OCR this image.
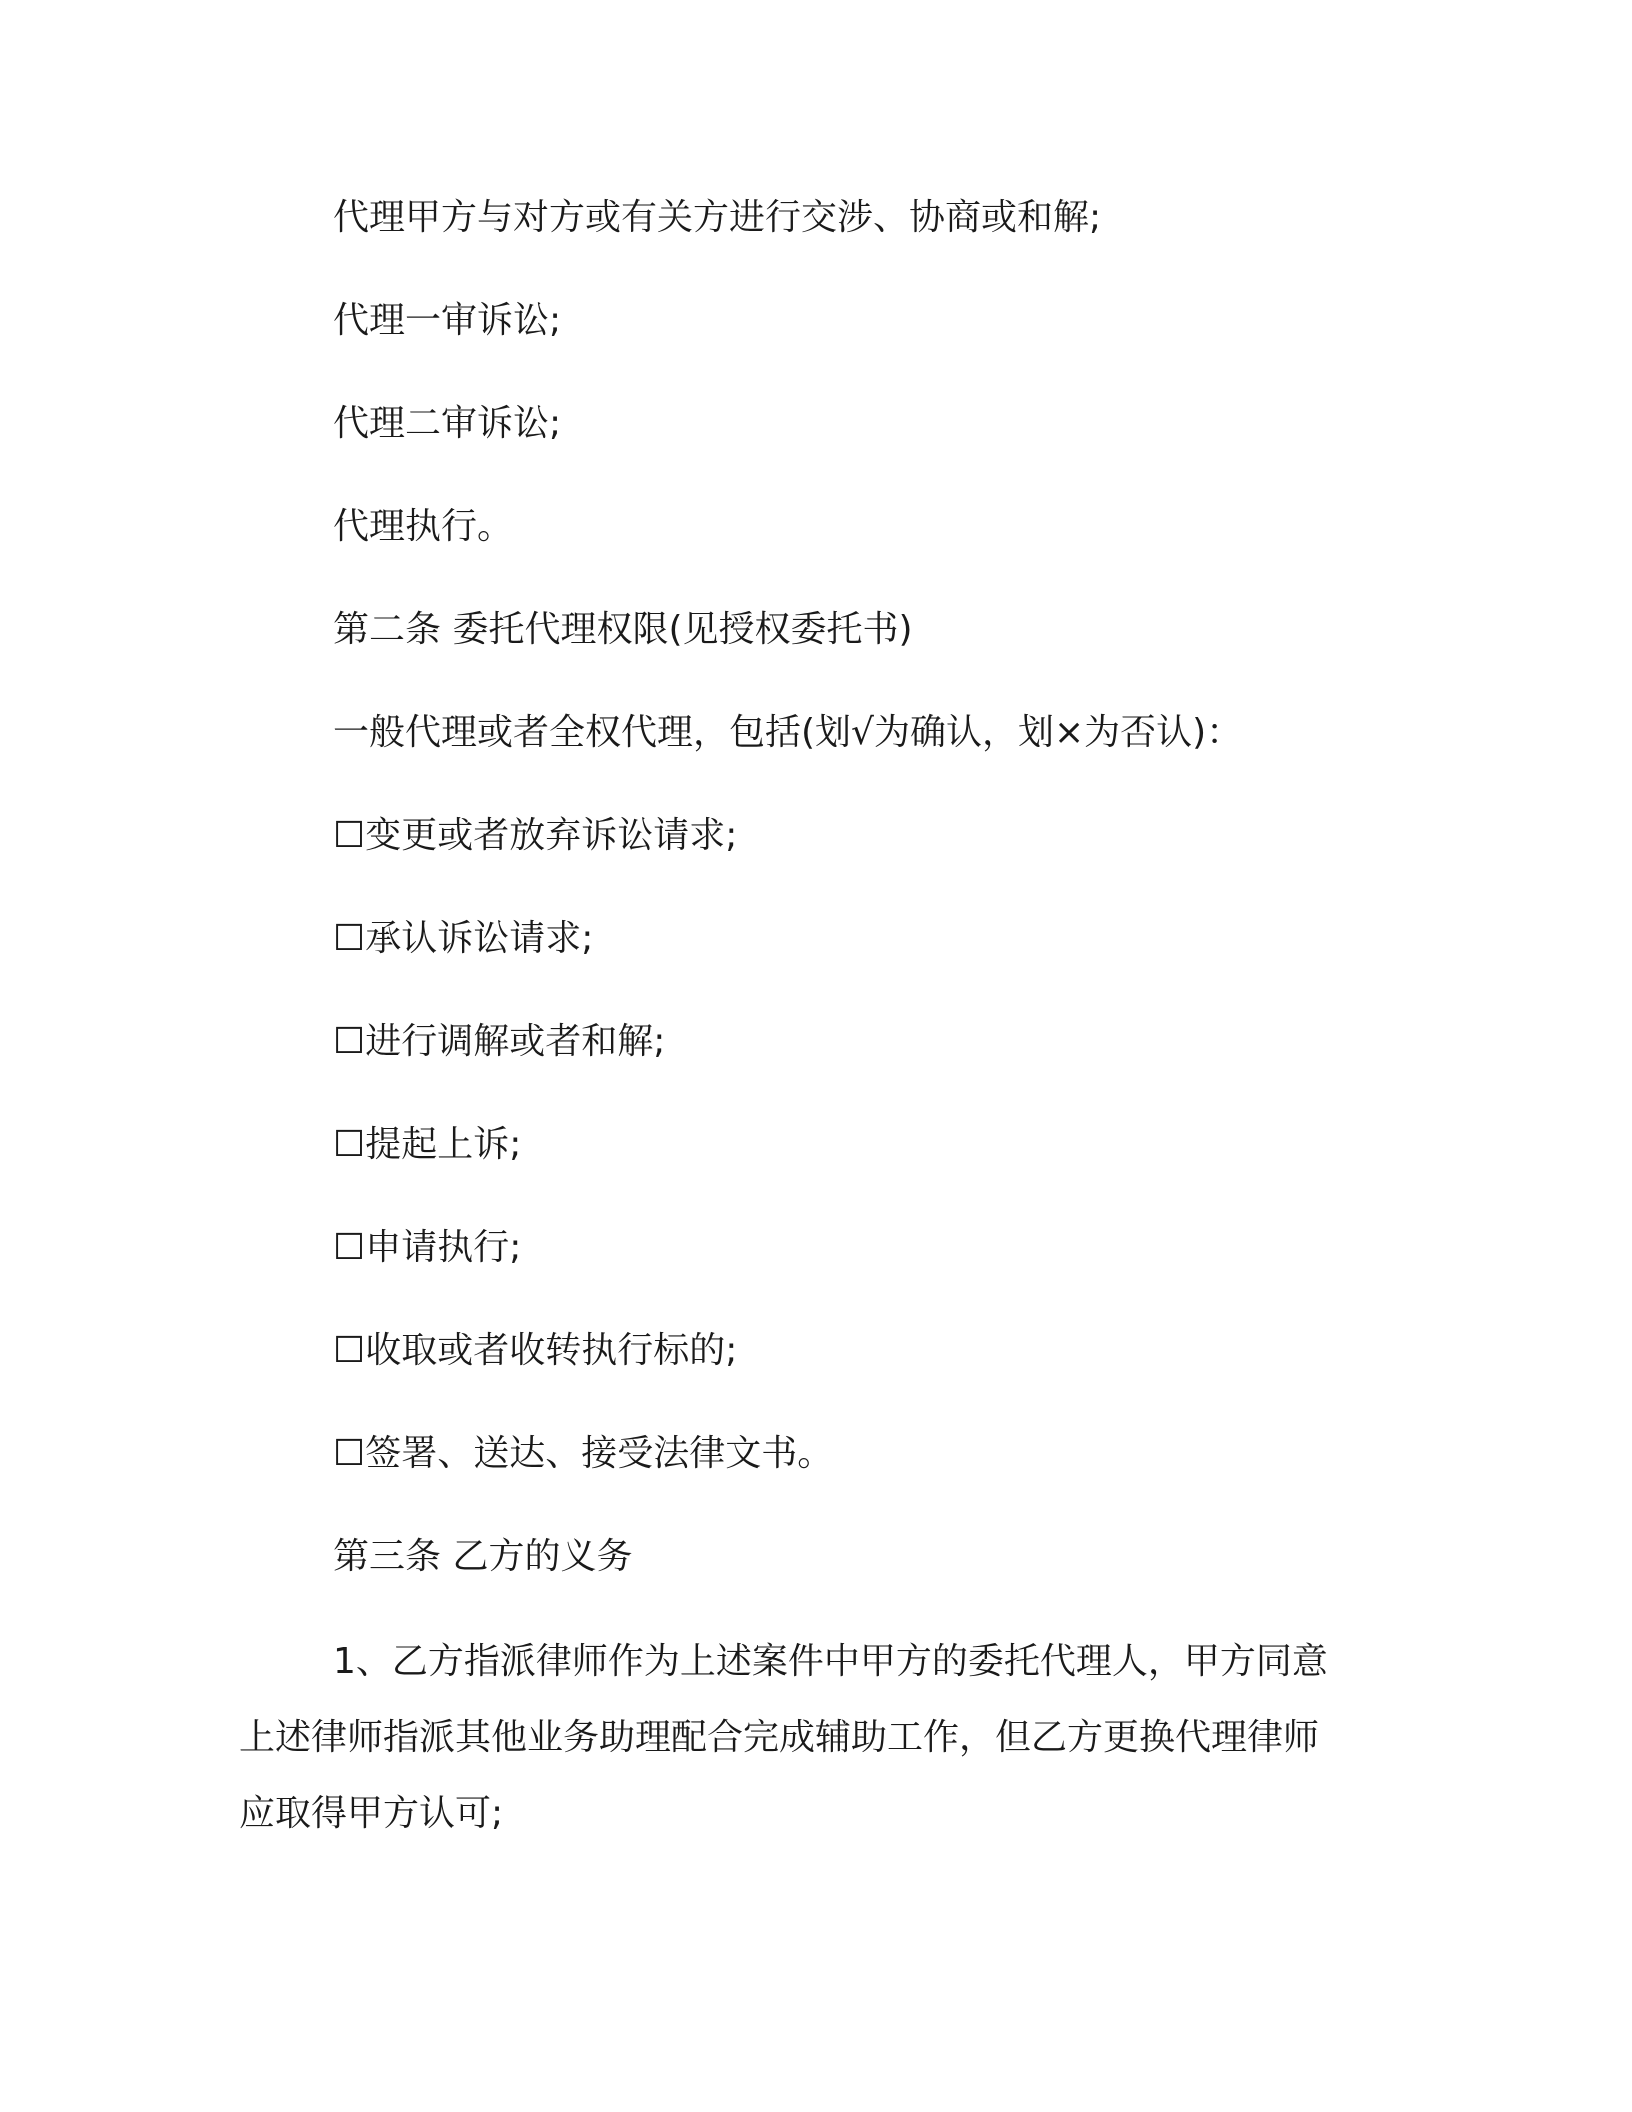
代理甲方与对方或有关方进行交涉、协商或和解;

代理一审诉讼;

代理二审诉讼;

代理执行。

第二条 委托代理权限(见授权委托书)

一般代理或者全权代理，包括(划√为确认，划×为否认)：

☐变更或者放弃诉讼请求;

☐承认诉讼请求;

☐进行调解或者和解;

☐提起上诉;

☐申请执行;

☐收取或者收转执行标的;

☐签署、送达、接受法律文书。

第三条 乙方的义务

1、乙方指派律师作为上述案件中甲方的委托代理人，甲方同意

上述律师指派其他业务助理配合完成辅助工作，但乙方更换代理律师

应取得甲方认可;
